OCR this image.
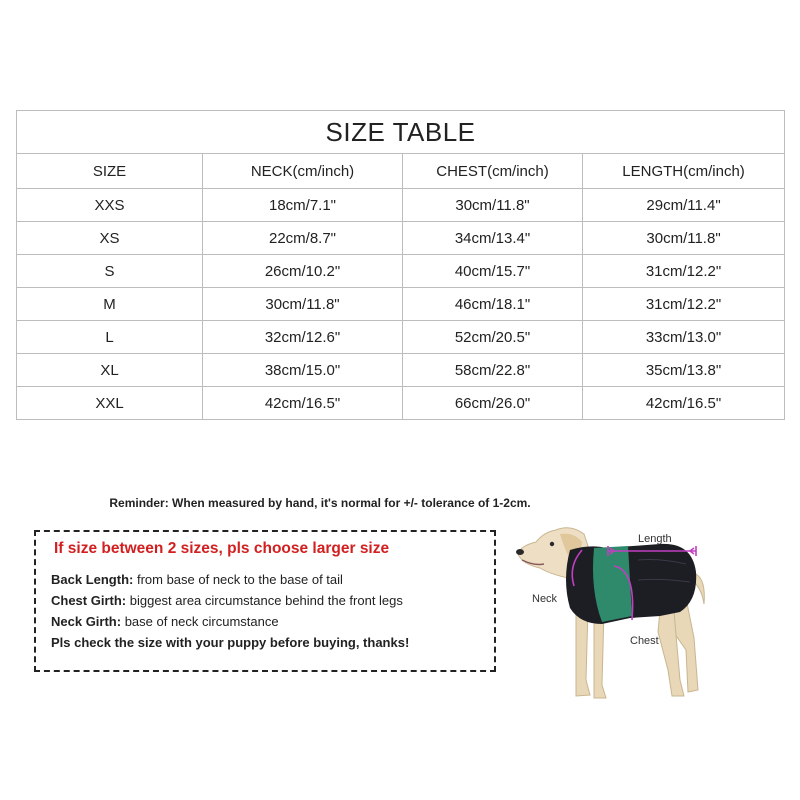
SIZE TABLE			
SIZE	NECK(cm/inch)	CHEST(cm/inch)	LENGTH(cm/inch)
XXS	18cm/7.1"	30cm/11.8"	29cm/11.4"
XS	22cm/8.7"	34cm/13.4"	30cm/11.8"
S	26cm/10.2"	40cm/15.7"	31cm/12.2"
M	30cm/11.8"	46cm/18.1"	31cm/12.2"
L	32cm/12.6"	52cm/20.5"	33cm/13.0"
XL	38cm/15.0"	58cm/22.8"	35cm/13.8"
XXL	42cm/16.5"	66cm/26.0"	42cm/16.5"
Reminder: When measured by hand, it's normal for +/- tolerance of 1-2cm.
If size between 2 sizes, pls choose larger size
Back Length: from base of neck to the base of tail
Chest Girth: biggest area circumstance behind the front legs
Neck Girth: base of neck circumstance
Pls check the size with your puppy before buying, thanks!
Length
Neck
Chest
